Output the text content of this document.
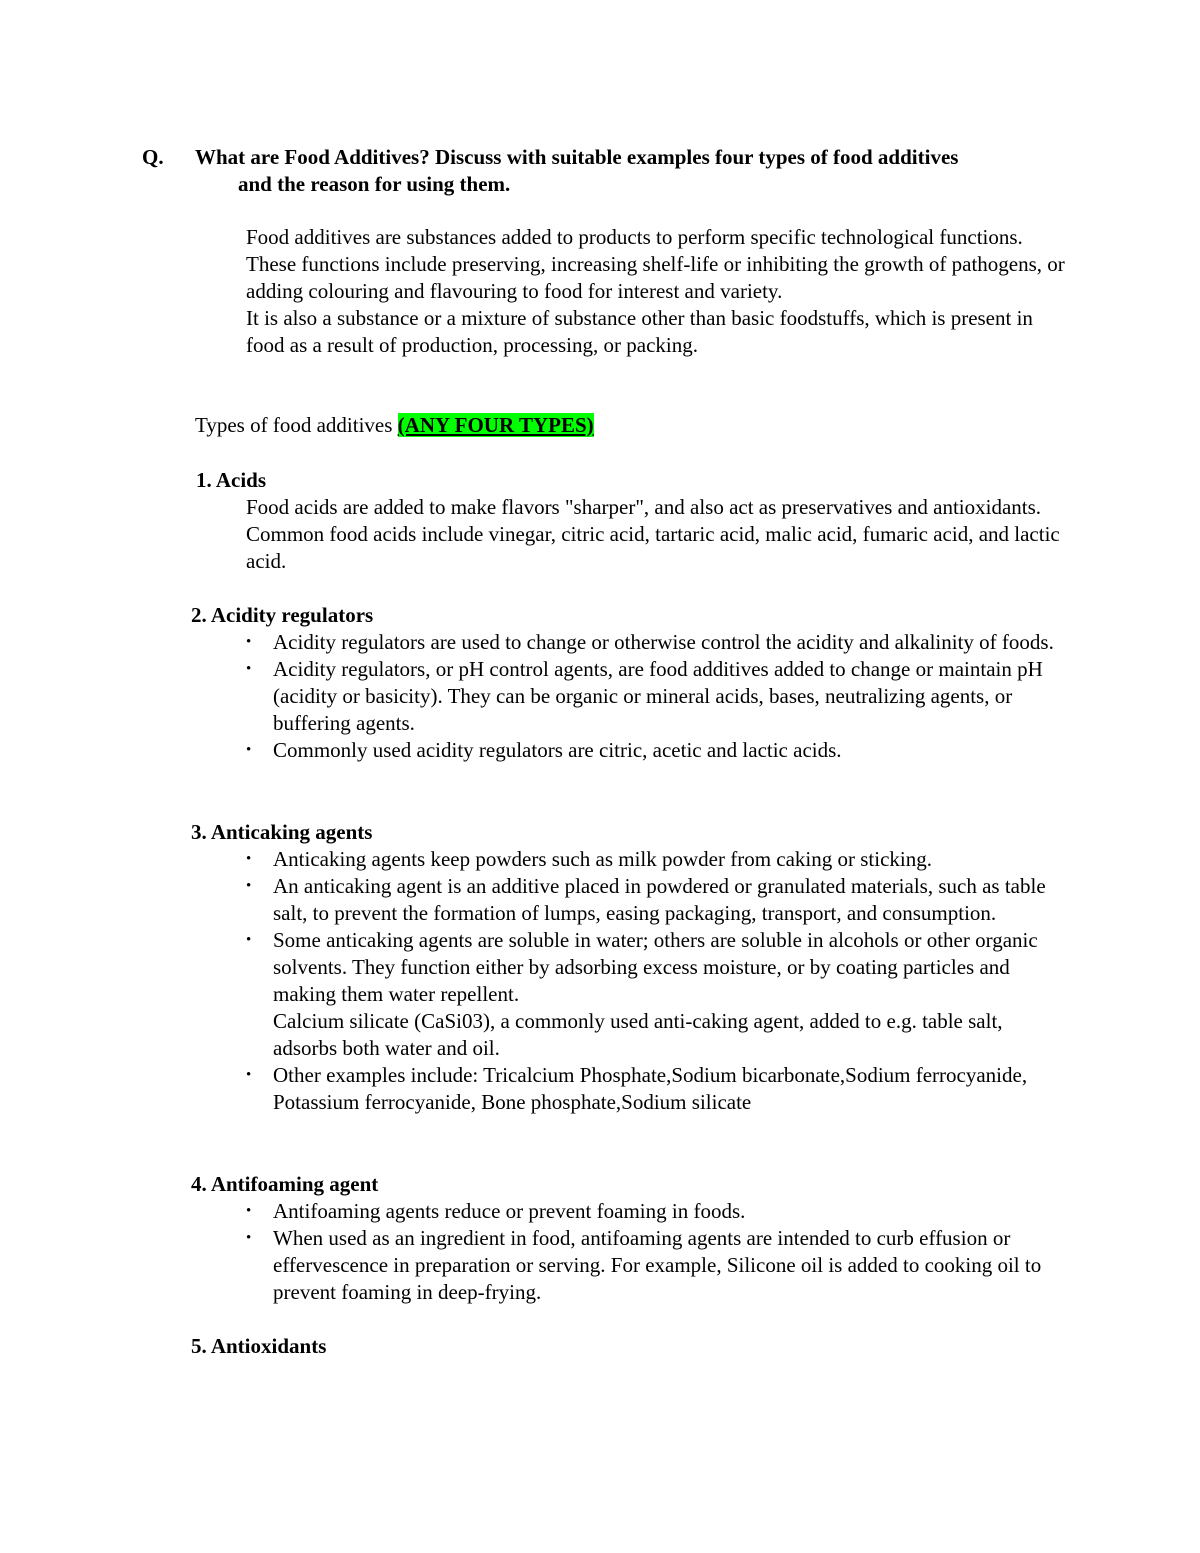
Q. What are Food Additives? Discuss with suitable examples four types of food additives
and the reason for using them.
Food additives are substances added to products to perform specific technological functions. These functions include preserving, increasing shelf-life or inhibiting the growth of pathogens, or adding colouring and flavouring to food for interest and variety.
It is also a substance or a mixture of substance other than basic foodstuffs, which is present in food as a result of production, processing, or packing.
Types of food additives (ANY FOUR TYPES)
1. Acids
Food acids are added to make flavors "sharper", and also act as preservatives and antioxidants. Common food acids include vinegar, citric acid, tartaric acid, malic acid, fumaric acid, and lactic acid.
2. Acidity regulators
• Acidity regulators are used to change or otherwise control the acidity and alkalinity of foods.
• Acidity regulators, or pH control agents, are food additives added to change or maintain pH (acidity or basicity). They can be organic or mineral acids, bases, neutralizing agents, or buffering agents.
• Commonly used acidity regulators are citric, acetic and lactic acids.
3. Anticaking agents
• Anticaking agents keep powders such as milk powder from caking or sticking.
• An anticaking agent is an additive placed in powdered or granulated materials, such as table salt, to prevent the formation of lumps, easing packaging, transport, and consumption.
• Some anticaking agents are soluble in water; others are soluble in alcohols or other organic solvents. They function either by adsorbing excess moisture, or by coating particles and making them water repellent.
Calcium silicate (CaSi03), a commonly used anti-caking agent, added to e.g. table salt, adsorbs both water and oil.
• Other examples include: Tricalcium Phosphate,Sodium bicarbonate,Sodium ferrocyanide, Potassium ferrocyanide, Bone phosphate,Sodium silicate
4. Antifoaming agent
• Antifoaming agents reduce or prevent foaming in foods.
• When used as an ingredient in food, antifoaming agents are intended to curb effusion or effervescence in preparation or serving. For example, Silicone oil is added to cooking oil to prevent foaming in deep-frying.
5. Antioxidants
